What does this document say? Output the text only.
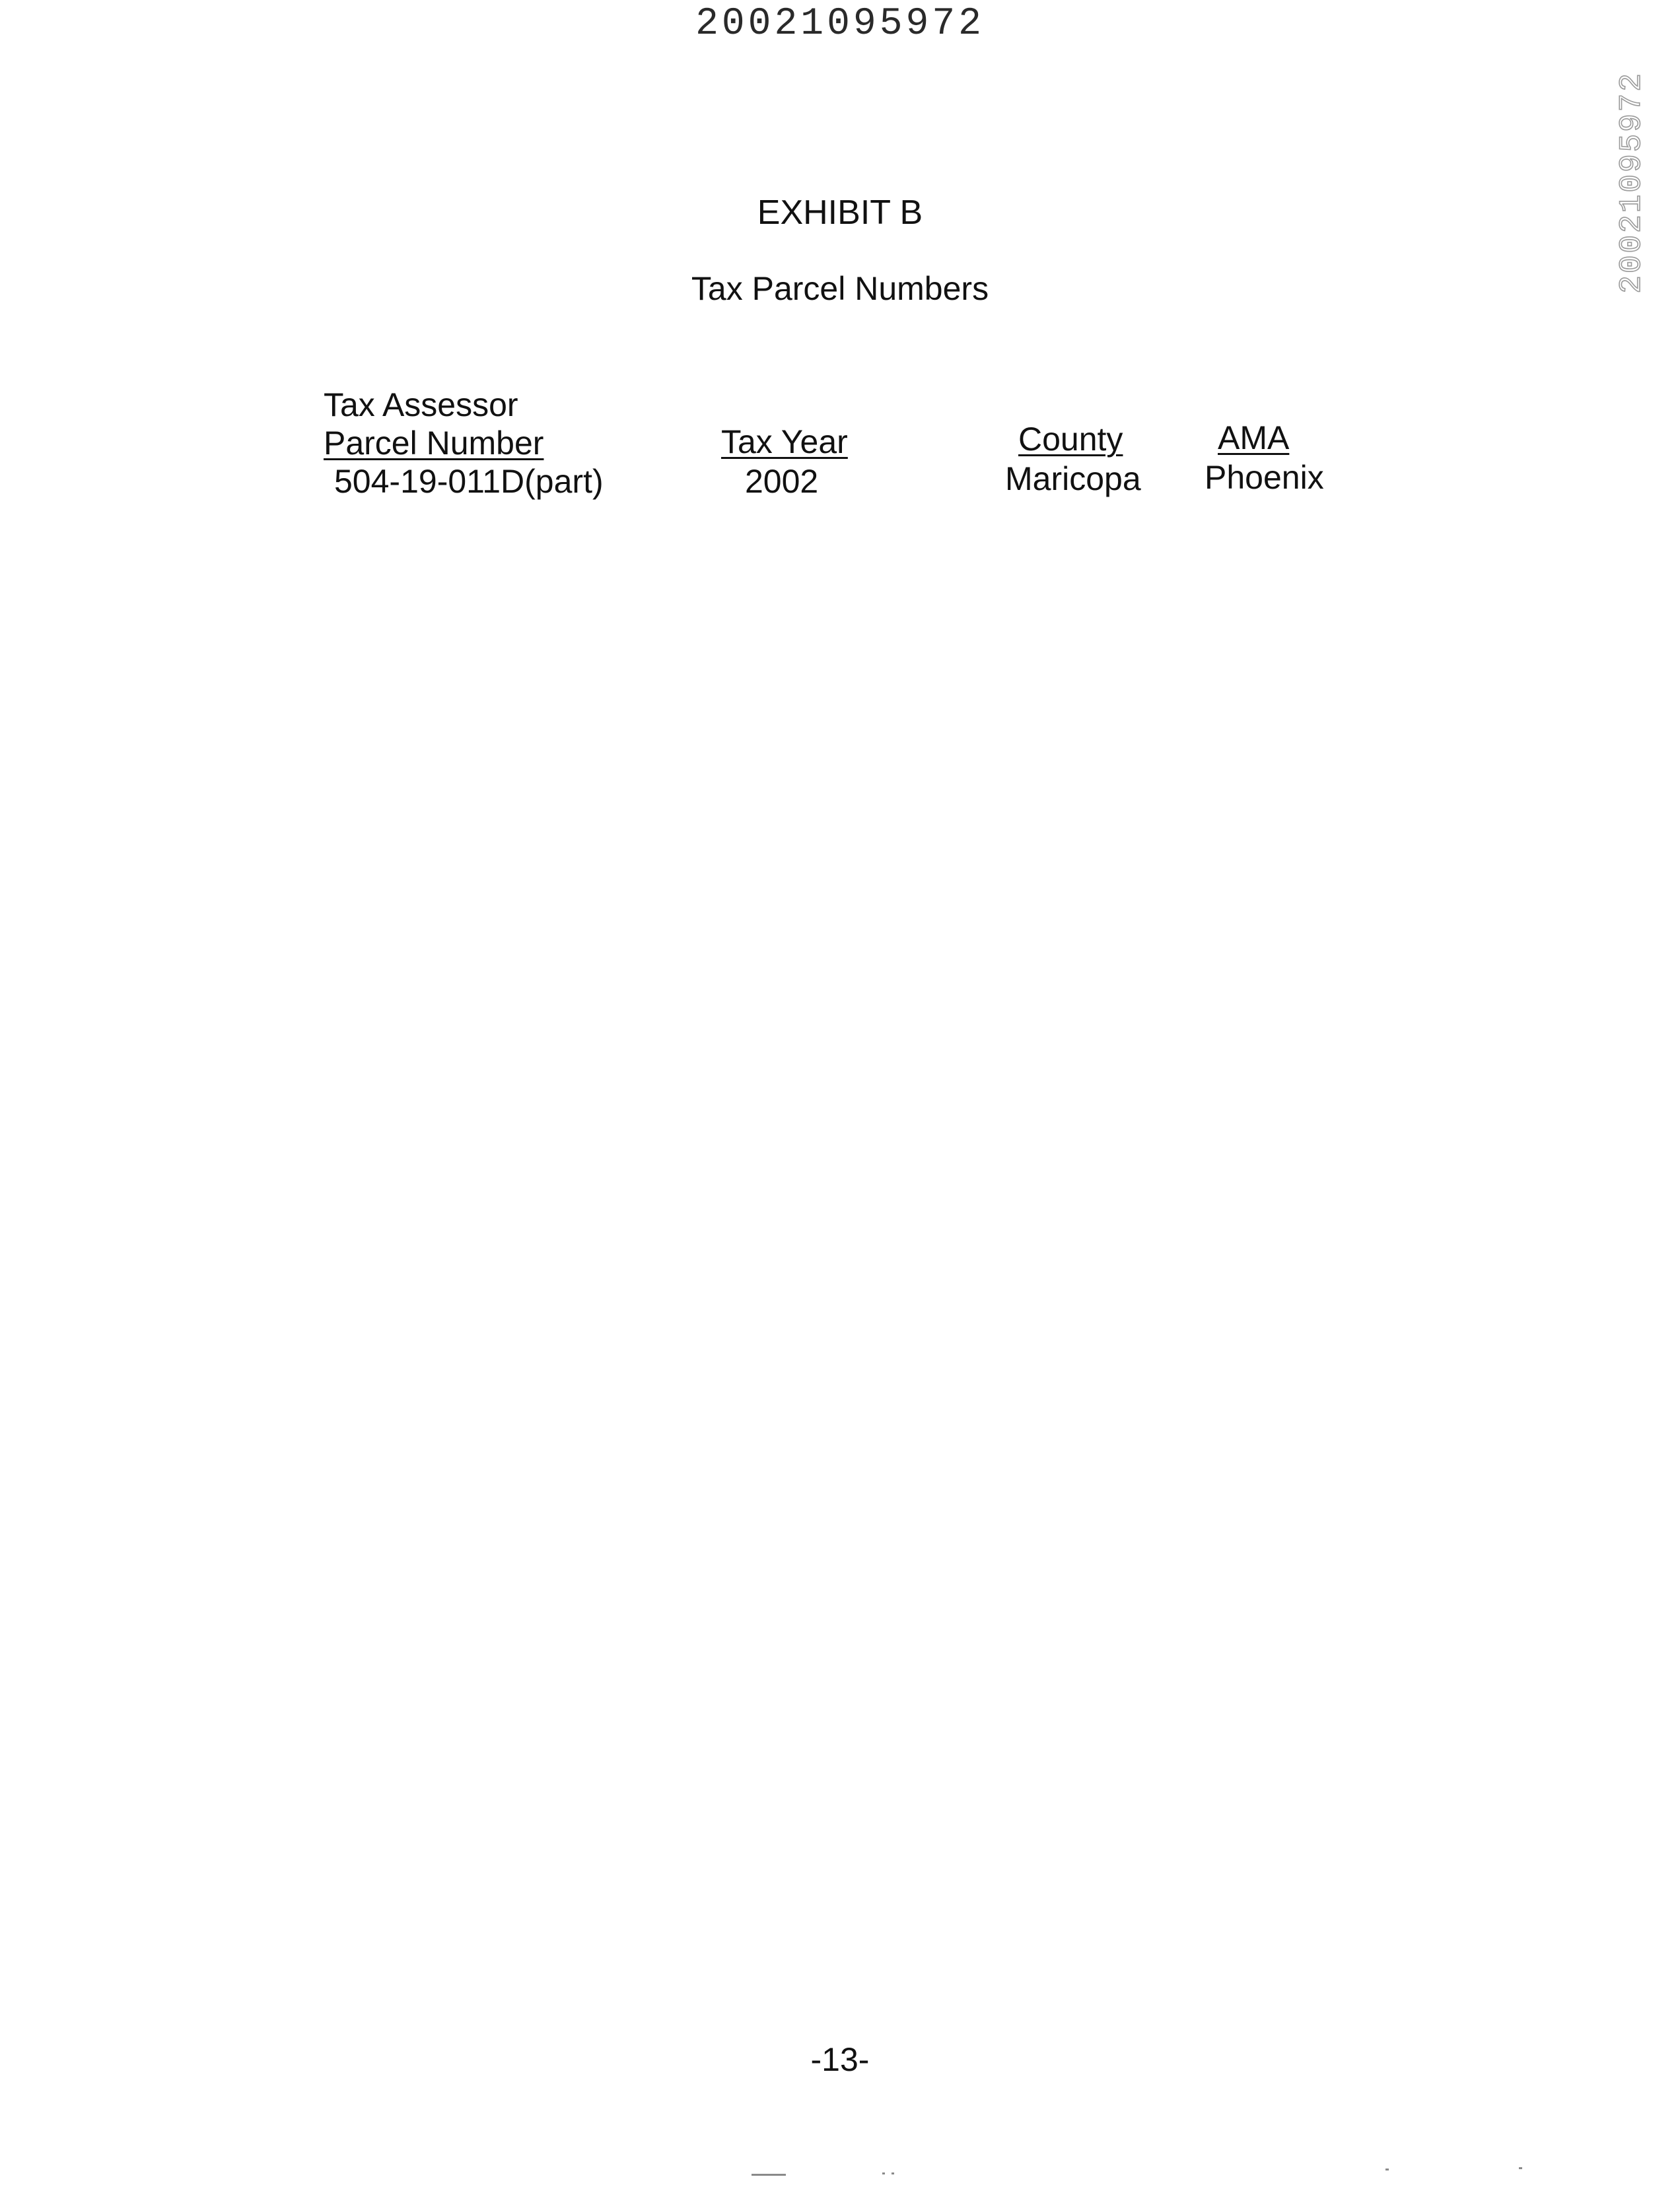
20021095972
20021095972
EXHIBIT B
Tax Parcel Numbers
Tax Assessor
Parcel Number	Tax Year	County	AMA
504-19-011D(part)	2002	Maricopa Phoenix
-13-
